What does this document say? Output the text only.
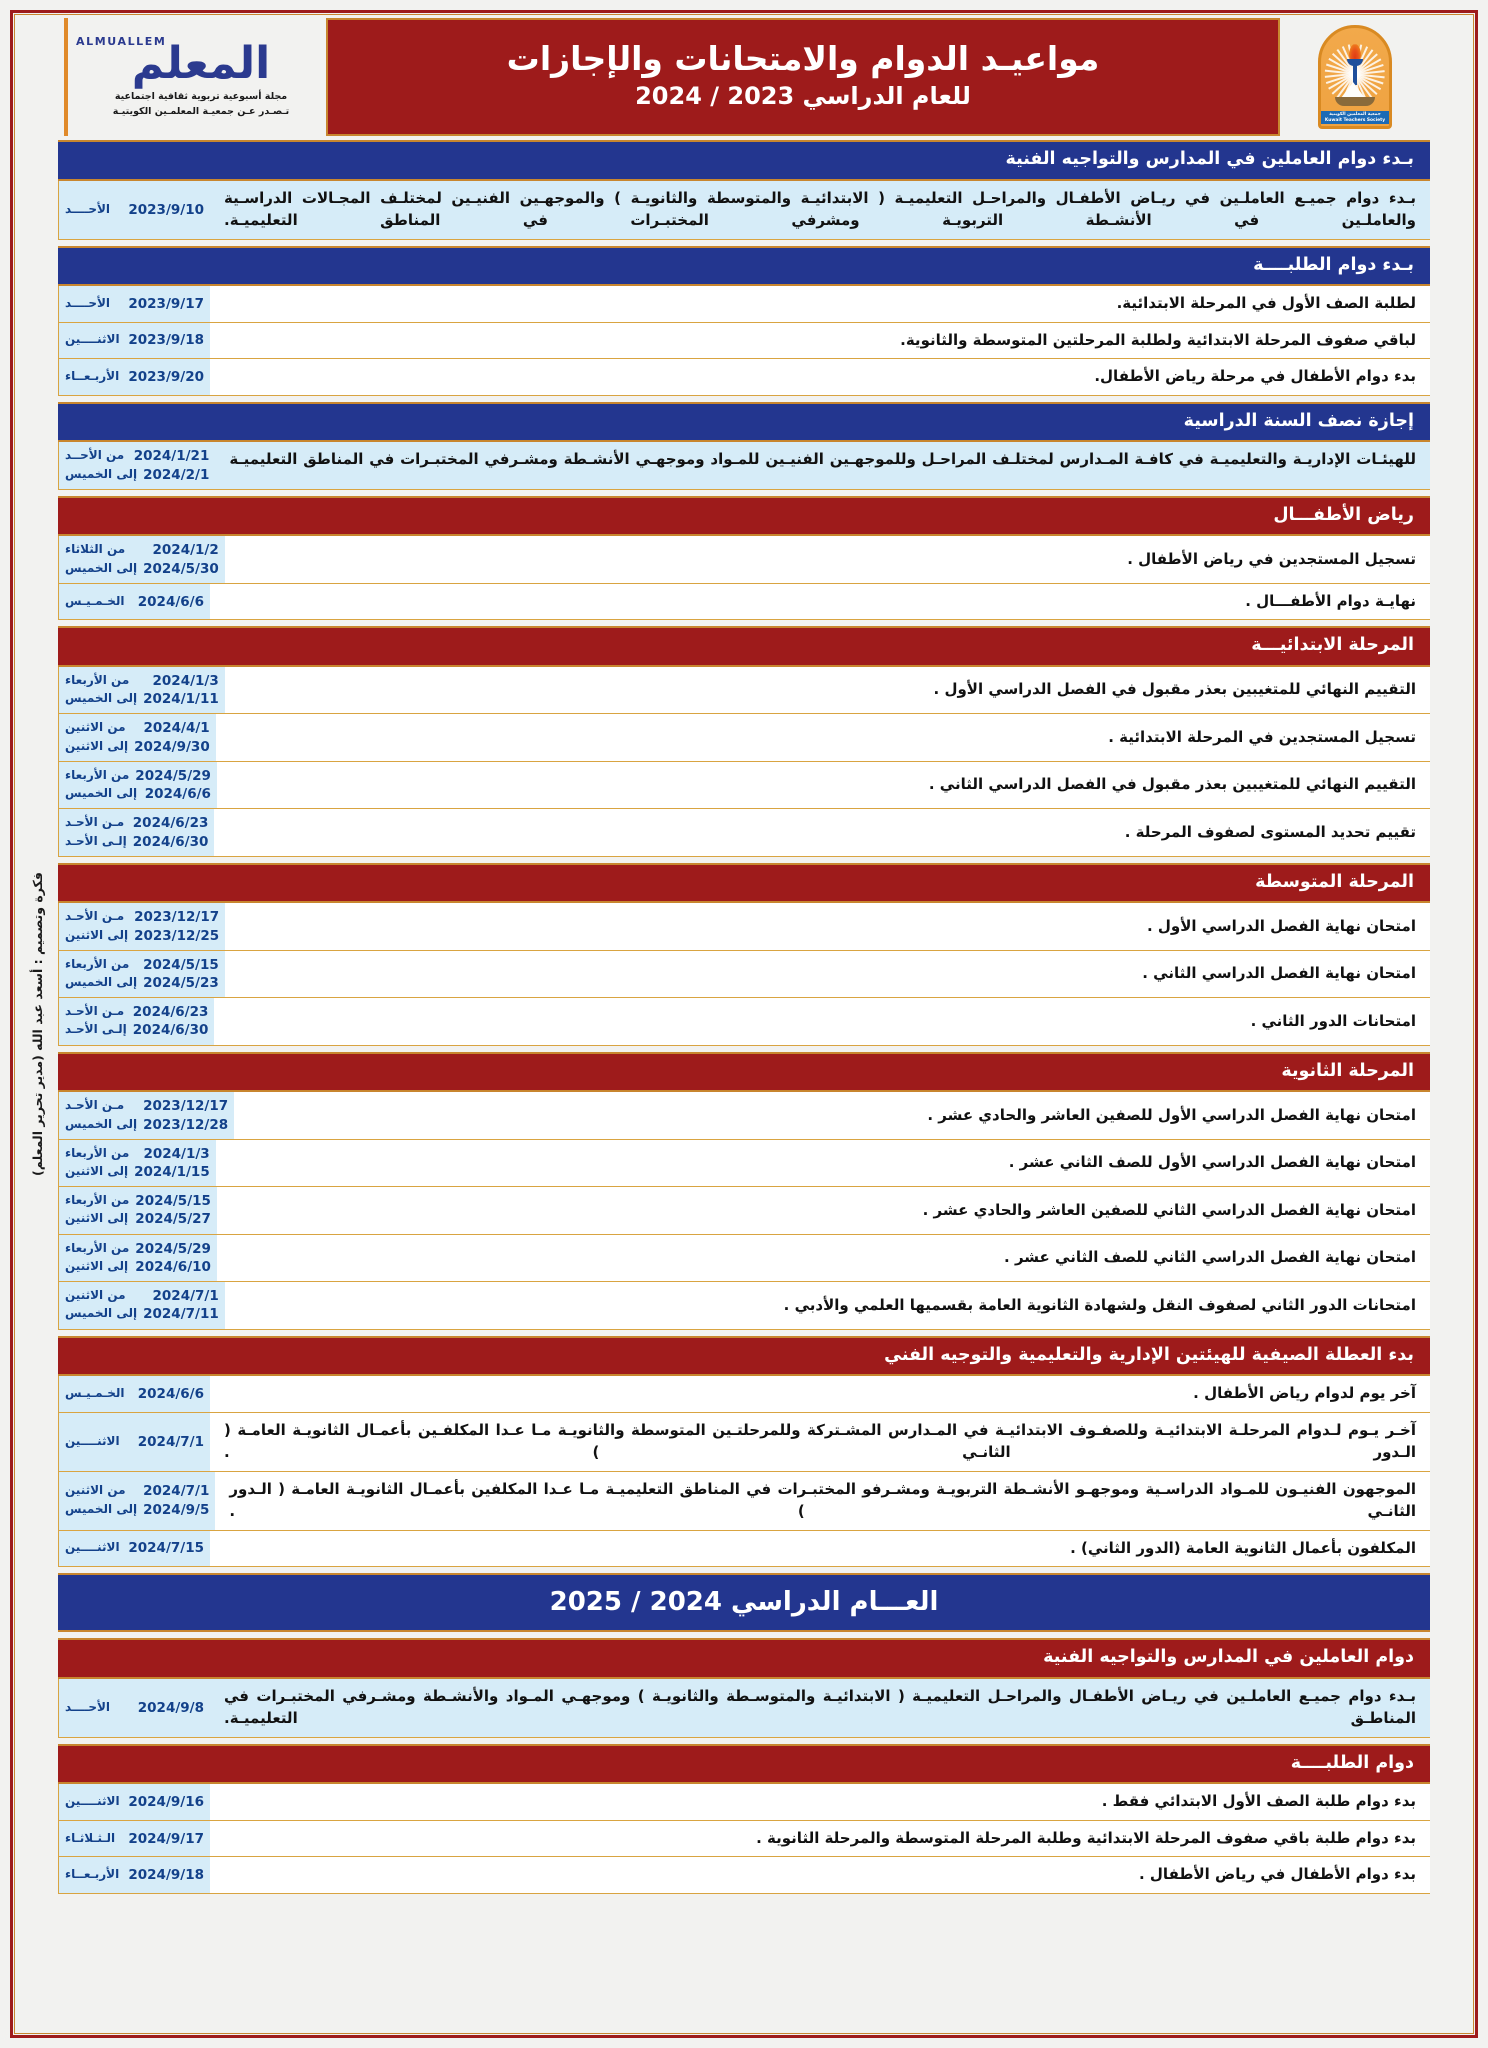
فكرة وتصميم : أسعد عبد الله (مدير تحرير المعلم)
جمعية المعلمين الكويتية
Kuwait Teachers Society
مواعيـد الدوام والامتحانات والإجازات
للعام الدراسي 2023 / 2024
ALMUALLEM
المعلم
مجلة أسبوعية تربوية ثقافية اجتماعية
تـصـدر عـن جمعيـة المعلمـين الكويتيـة
بـدء دوام العاملين في المدارس والتواجيه الفنية
بـدء دوام جميـع العاملـين في ريـاض الأطفـال والمراحـل التعليميـة ( الابتدائيـة والمتوسطة والثانويـة ) والموجهـين الفنيـين لمختلـف المجـالات الدراسـية والعاملـين في الأنشـطة التربويـة ومشرفي المختبـرات في المناطق التعليميـة.
2023/9/10
الأحــــد
بـدء دوام الطلبــــة
لطلبة الصف الأول في المرحلة الابتدائية.
2023/9/17
الأحــــد
لباقي صفوف المرحلة الابتدائية ولطلبة المرحلتين المتوسطة والثانوية.
2023/9/18
الاثنــــين
بدء دوام الأطفال في مرحلة رياض الأطفال.
2023/9/20
الأربـعــاء
إجازة نصف السنة الدراسية
للهيئـات الإداريـة والتعليميـة في كافـة المـدارس لمختلـف المراحـل وللموجهـين الفنيـين للمـواد وموجهـي الأنشـطة ومشـرفي المختبـرات في المناطق التعليميـة
2024/1/21
من الأحــد
2024/2/1
إلى الخميس
رياض الأطفـــال
تسجيل المستجدين في رياض الأطفال .
2024/1/2
من الثلاثاء
2024/5/30
إلى الخميس
نهايـة دوام الأطفـــال .
2024/6/6
الخـمـيـس
المرحلة الابتدائيـــة
التقييم النهائي للمتغيبين بعذر مقبول في الفصل الدراسي الأول .
2024/1/3
من الأربعاء
2024/1/11
إلى الخميس
تسجيل المستجدين في المرحلة الابتدائية .
2024/4/1
من الاثنين
2024/9/30
إلى الاثنين
التقييم النهائي للمتغيبين بعذر مقبول في الفصل الدراسي الثاني .
2024/5/29
من الأربعاء
2024/6/6
إلى الخميس
تقييم تحديد المستوى لصفوف المرحلة .
2024/6/23
مـن الأحـد
2024/6/30
إلـى الأحـد
المرحلة المتوسطة
امتحان نهاية الفصل الدراسي الأول .
2023/12/17
مـن الأحـد
2023/12/25
إلى الاثنين
امتحان نهاية الفصل الدراسي الثاني .
2024/5/15
من الأربعاء
2024/5/23
إلى الخميس
امتحانات الدور الثاني .
2024/6/23
مـن الأحـد
2024/6/30
إلـى الأحـد
المرحلة الثانوية
امتحان نهاية الفصل الدراسي الأول للصفين العاشر والحادي عشر .
2023/12/17
مـن الأحـد
2023/12/28
إلى الخميس
امتحان نهاية الفصل الدراسي الأول للصف الثاني عشر .
2024/1/3
من الأربعاء
2024/1/15
إلى الاثنين
امتحان نهاية الفصل الدراسي الثاني للصفين العاشر والحادي عشر .
2024/5/15
من الأربعاء
2024/5/27
إلى الاثنين
امتحان نهاية الفصل الدراسي الثاني للصف الثاني عشر .
2024/5/29
من الأربعاء
2024/6/10
إلى الاثنين
امتحانات الدور الثاني لصفوف النقل ولشهادة الثانوية العامة بقسميها العلمي والأدبي .
2024/7/1
من الاثنين
2024/7/11
إلى الخميس
بدء العطلة الصيفية للهيئتين الإدارية والتعليمية والتوجيه الفني
آخر يوم لدوام رياض الأطفال .
2024/6/6
الخـمـيـس
آخـر يـوم لـدوام المرحلـة الابتدائيـة وللصفـوف الابتدائيـة في المـدارس المشـتركة وللمرحلتـين المتوسطة والثانويـة مـا عـدا المكلفـين بأعمـال الثانويـة العامـة ( الـدور الثانـي ) .
2024/7/1
الاثنــــين
الموجهون الفنيـون للمـواد الدراسـية وموجهـو الأنشـطة التربويـة ومشـرفو المختبـرات في المناطق التعليميـة مـا عـدا المكلفين بأعمـال الثانويـة العامـة ( الـدور الثانـي ) .
2024/7/1
من الاثنين
2024/9/5
إلى الخميس
المكلفون بأعمال الثانوية العامة (الدور الثاني) .
2024/7/15
الاثنــــين
العـــام الدراسي 2024 / 2025
دوام العاملين في المدارس والتواجيه الفنية
بـدء دوام جميـع العاملـين في ريـاض الأطفـال والمراحـل التعليميـة ( الابتدائيـة والمتوسـطة والثانويـة ) وموجهـي المـواد والأنشـطة ومشـرفي المختبـرات في المناطـق التعليميـة.
2024/9/8
الأحــــد
دوام الطلبــــة
بدء دوام طلبة الصف الأول الابتدائي فقط .
2024/9/16
الاثنــــين
بدء دوام طلبة باقي صفوف المرحلة الابتدائية وطلبة المرحلة المتوسطة والمرحلة الثانوية .
2024/9/17
الـثـلاثـاء
بدء دوام الأطفال في رياض الأطفال .
2024/9/18
الأربـعــاء
